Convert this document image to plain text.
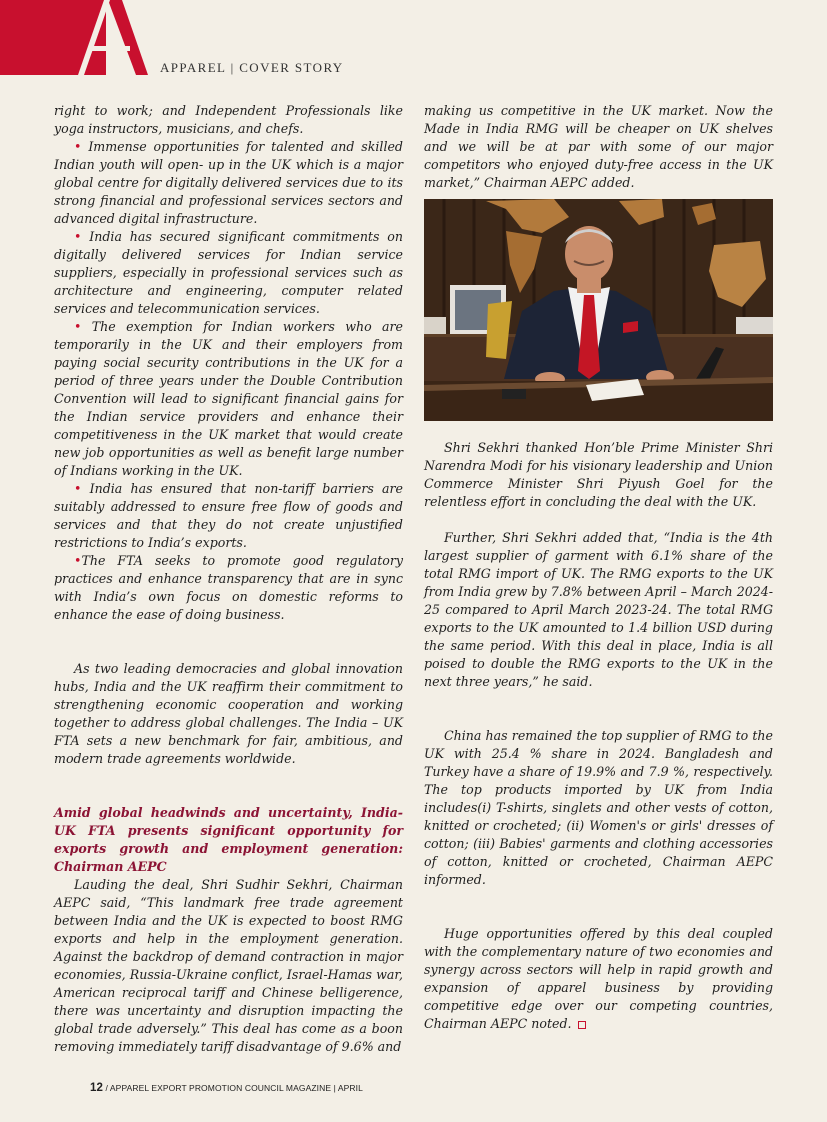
APPAREL | COVER STORY

right to work; and Independent Professionals like yoga instructors, musicians, and chefs.

• Immense opportunities for talented and skilled Indian youth will open- up in the UK which is a major global centre for digitally delivered services due to its strong financial and professional services sectors and advanced digital infrastructure.

• India has secured significant commitments on digitally delivered services for Indian service suppliers, especially in professional services such as architecture and engineering, computer related services and telecommunication services.

• The exemption for Indian workers who are temporarily in the UK and their employers from paying social security contributions in the UK for a period of three years under the Double Contribution Convention will lead to significant financial gains for the Indian service providers and enhance their competitiveness in the UK market that would create new job opportunities as well as benefit large number of Indians working in the UK.

• India has ensured that non-tariff barriers are suitably addressed to ensure free flow of goods and services and that they do not create unjustified restrictions to India’s exports.

•The FTA seeks to promote good regulatory practices and enhance transparency that are in sync with India’s own focus on domestic reforms to enhance the ease of doing business.

As two leading democracies and global innovation hubs, India and the UK reaffirm their commitment to strengthening economic cooperation and working together to address global challenges. The India – UK FTA sets a new benchmark for fair, ambitious, and modern trade agreements worldwide.

Amid global headwinds and uncertainty, India-UK FTA presents significant opportunity for exports growth and employment generation: Chairman AEPC

Lauding the deal, Shri Sudhir Sekhri, Chairman AEPC said, “This landmark free trade agreement between India and the UK is expected to boost RMG exports and help in the employment generation. Against the backdrop of demand contraction in major economies, Russia-Ukraine conflict, Israel-Hamas war, American reciprocal tariff and Chinese belligerence, there was uncertainty and disruption impacting the global trade adversely.” This deal has come as a boon removing immediately tariff disadvantage of 9.6% and

making us competitive in the UK market. Now the Made in India RMG will be cheaper on UK shelves and we will be at par with some of our major competitors who enjoyed duty-free access in the UK market,” Chairman AEPC added.

Shri Sekhri thanked Hon’ble Prime Minister Shri Narendra Modi for his visionary leadership and Union Commerce Minister Shri Piyush Goel for the relentless effort in concluding the deal with the UK.

Further, Shri Sekhri added that, “India is the 4th largest supplier of garment with 6.1% share of the total RMG import of UK. The RMG exports to the UK from India grew by 7.8% between April – March 2024-25 compared to April March 2023-24. The total RMG exports to the UK amounted to 1.4 billion USD during the same period. With this deal in place, India is all poised to double the RMG exports to the UK in the next three years,” he said.

China has remained the top supplier of RMG to the UK with 25.4 % share in 2024. Bangladesh and Turkey have a share of 19.9% and 7.9 %, respectively. The top products imported by UK from India includes(i) T-shirts, singlets and other vests of cotton, knitted or crocheted; (ii) Women's or girls' dresses of cotton; (iii) Babies' garments and clothing accessories of cotton, knitted or crocheted, Chairman AEPC informed.

Huge opportunities offered by this deal coupled with the complementary nature of two economies and synergy across sectors will help in rapid growth and expansion of apparel business by providing competitive edge over our competing countries, Chairman AEPC noted.

12 / APPAREL EXPORT PROMOTION COUNCIL MAGAZINE | APRIL
